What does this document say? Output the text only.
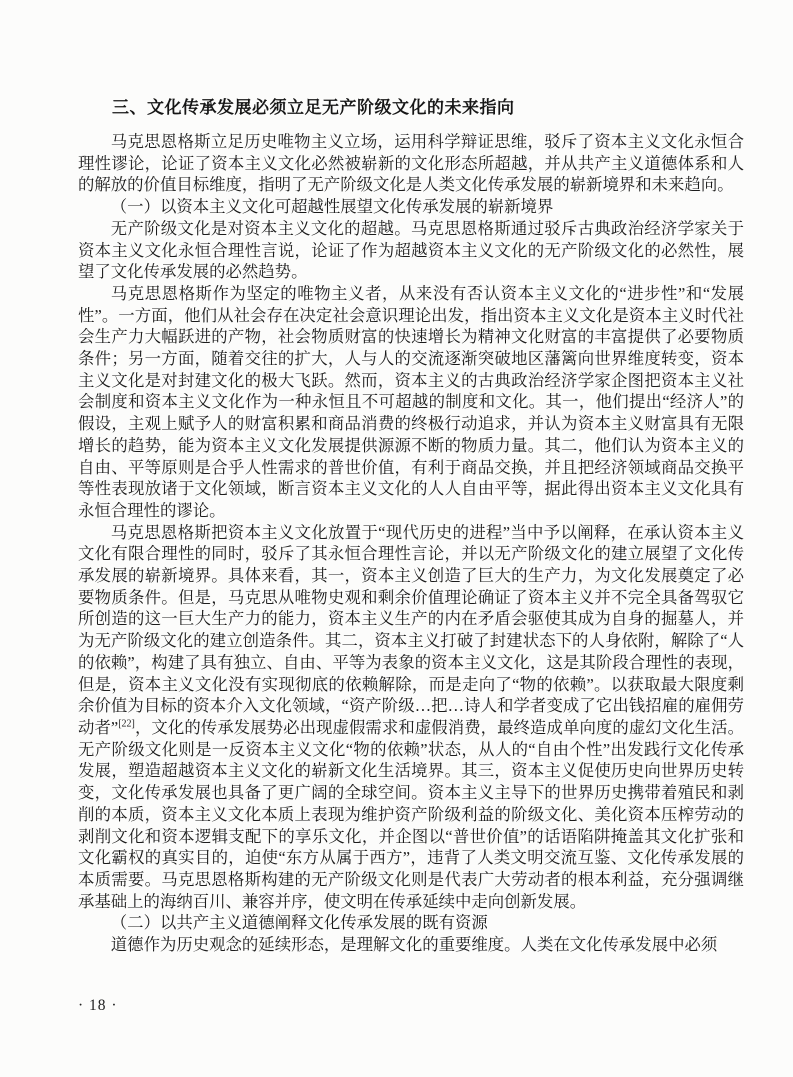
三、文化传承发展必须立足无产阶级文化的未来指向

马克思恩格斯立足历史唯物主义立场，运用科学辩证思维，驳斥了资本主义文化永恒合理性谬论，论证了资本主义文化必然被崭新的文化形态所超越，并从共产主义道德体系和人的解放的价值目标维度，指明了无产阶级文化是人类文化传承发展的崭新境界和未来趋向。

（一）以资本主义文化可超越性展望文化传承发展的崭新境界

无产阶级文化是对资本主义文化的超越。马克思恩格斯通过驳斥古典政治经济学家关于资本主义文化永恒合理性言说，论证了作为超越资本主义文化的无产阶级文化的必然性，展望了文化传承发展的必然趋势。

马克思恩格斯作为坚定的唯物主义者，从来没有否认资本主义文化的“进步性”和“发展性”。一方面，他们从社会存在决定社会意识理论出发，指出资本主义文化是资本主义时代社会生产力大幅跃进的产物，社会物质财富的快速增长为精神文化财富的丰富提供了必要物质条件；另一方面，随着交往的扩大，人与人的交流逐渐突破地区藩篱向世界维度转变，资本主义文化是对封建文化的极大飞跃。然而，资本主义的古典政治经济学家企图把资本主义社会制度和资本主义文化作为一种永恒且不可超越的制度和文化。其一，他们提出“经济人”的假设，主观上赋予人的财富积累和商品消费的终极行动追求，并认为资本主义财富具有无限增长的趋势，能为资本主义文化发展提供源源不断的物质力量。其二，他们认为资本主义的自由、平等原则是合乎人性需求的普世价值，有利于商品交换，并且把经济领域商品交换平等性表现放诸于文化领域，断言资本主义文化的人人自由平等，据此得出资本主义文化具有永恒合理性的谬论。

马克思恩格斯把资本主义文化放置于“现代历史的进程”当中予以阐释，在承认资本主义文化有限合理性的同时，驳斥了其永恒合理性言论，并以无产阶级文化的建立展望了文化传承发展的崭新境界。具体来看，其一，资本主义创造了巨大的生产力，为文化发展奠定了必要物质条件。但是，马克思从唯物史观和剩余价值理论确证了资本主义并不完全具备驾驭它所创造的这一巨大生产力的能力，资本主义生产的内在矛盾会驱使其成为自身的掘墓人，并为无产阶级文化的建立创造条件。其二，资本主义打破了封建状态下的人身依附，解除了“人的依赖”，构建了具有独立、自由、平等为表象的资本主义文化，这是其阶段合理性的表现，但是，资本主义文化没有实现彻底的依赖解除，而是走向了“物的依赖”。以获取最大限度剩余价值为目标的资本介入文化领域，“资产阶级…把…诗人和学者变成了它出钱招雇的雇佣劳动者”[22]，文化的传承发展势必出现虚假需求和虚假消费，最终造成单向度的虚幻文化生活。无产阶级文化则是一反资本主义文化“物的依赖”状态，从人的“自由个性”出发践行文化传承发展，塑造超越资本主义文化的崭新文化生活境界。其三，资本主义促使历史向世界历史转变，文化传承发展也具备了更广阔的全球空间。资本主义主导下的世界历史携带着殖民和剥削的本质，资本主义文化本质上表现为维护资产阶级利益的阶级文化、美化资本压榨劳动的剥削文化和资本逻辑支配下的享乐文化，并企图以“普世价值”的话语陷阱掩盖其文化扩张和文化霸权的真实目的，迫使“东方从属于西方”，违背了人类文明交流互鉴、文化传承发展的本质需要。马克思恩格斯构建的无产阶级文化则是代表广大劳动者的根本利益，充分强调继承基础上的海纳百川、兼容并序，使文明在传承延续中走向创新发展。

（二）以共产主义道德阐释文化传承发展的既有资源

道德作为历史观念的延续形态，是理解文化的重要维度。人类在文化传承发展中必须

· 18 ·
